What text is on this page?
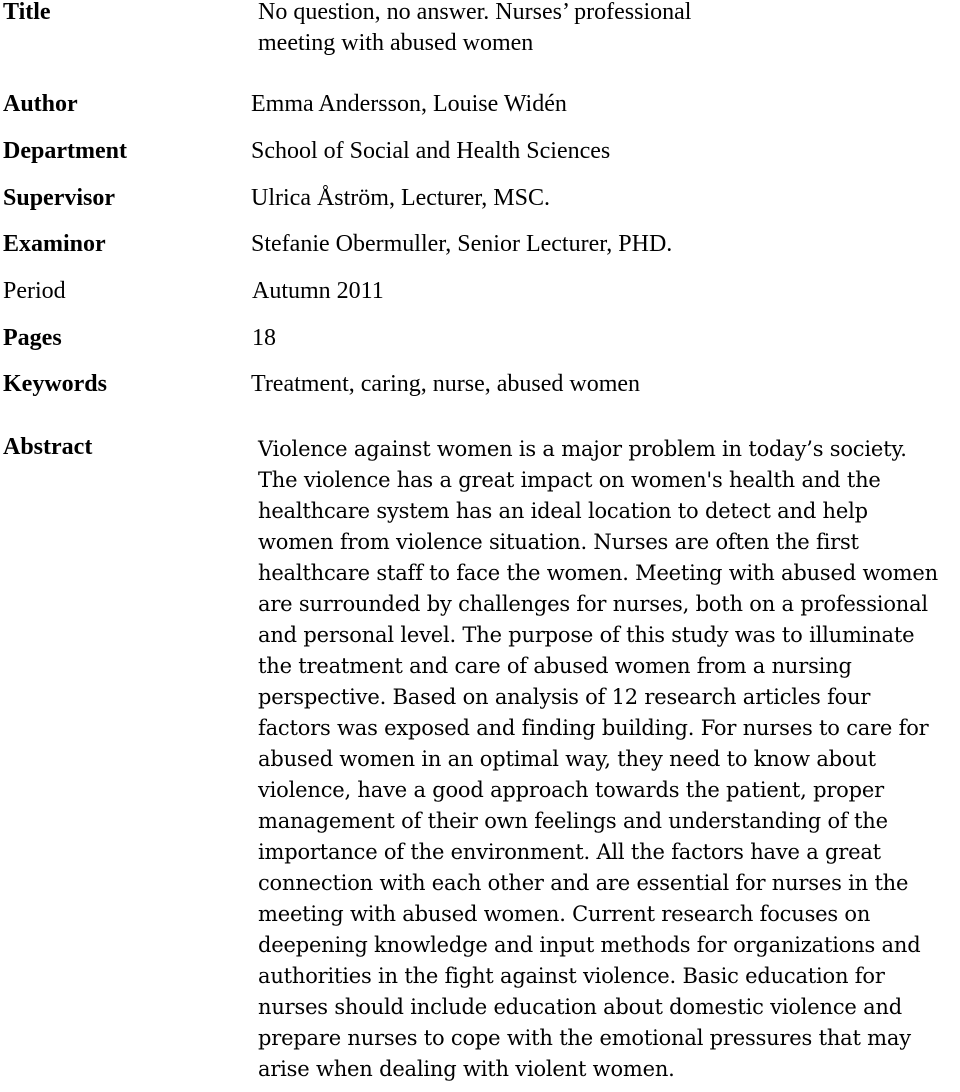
Title	No question, no answer. Nurses’ professional
meeting with abused women
Author	Emma Andersson, Louise Widén
Department	School of Social and Health Sciences
Supervisor	Ulrica Åström, Lecturer, MSC.
Examinor	Stefanie Obermuller, Senior Lecturer, PHD.
Period	Autumn 2011
Pages	18
Keywords	Treatment, caring, nurse, abused women
Abstract	Violence against women is a major problem in today’s society.
The violence has a great impact on women's health and the
healthcare system has an ideal location to detect and help
women from violence situation. Nurses are often the first
healthcare staff to face the women. Meeting with abused women
are surrounded by challenges for nurses, both on a professional
and personal level. The purpose of this study was to illuminate
the treatment and care of abused women from a nursing
perspective. Based on analysis of 12 research articles four
factors was exposed and finding building. For nurses to care for
abused women in an optimal way, they need to know about
violence, have a good approach towards the patient, proper
management of their own feelings and understanding of the
importance of the environment. All the factors have a great
connection with each other and are essential for nurses in the
meeting with abused women. Current research focuses on
deepening knowledge and input methods for organizations and
authorities in the fight against violence. Basic education for
nurses should include education about domestic violence and
prepare nurses to cope with the emotional pressures that may
arise when dealing with violent women.
